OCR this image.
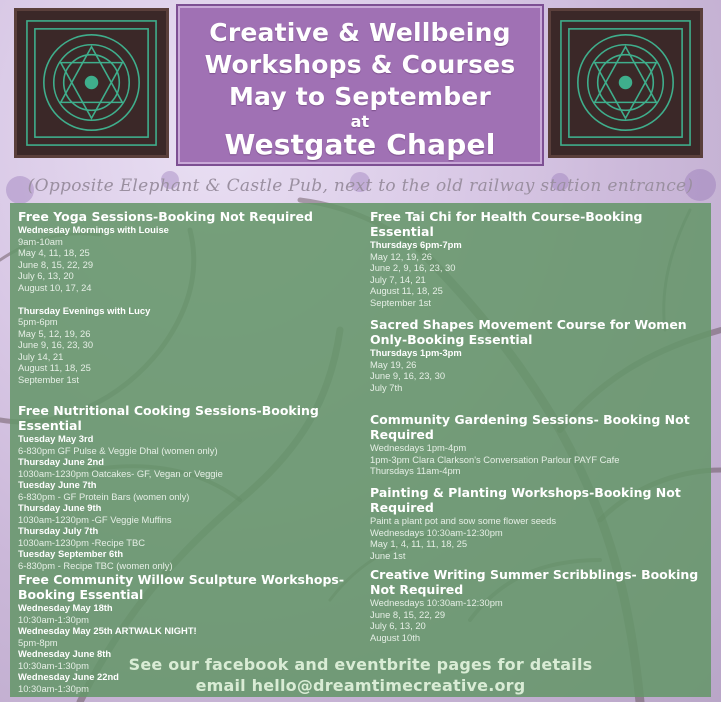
Creative & Wellbeing
Workshops & Courses
May to September
at
Westgate Chapel
(Opposite Elephant & Castle Pub, next to the old railway station entrance)
Free Yoga Sessions-Booking Not Required
Wednesday Mornings with Louise
9am-10am
May 4, 11, 18, 25
June 8, 15, 22, 29
July 6, 13, 20
August 10, 17, 24

Thursday Evenings with Lucy
5pm-6pm
May 5, 12, 19, 26
June 9, 16, 23, 30
July 14, 21
August 11, 18, 25
September 1st
Free Nutritional Cooking Sessions-Booking Essential
Tuesday May 3rd
6-830pm GF Pulse & Veggie Dhal (women only)
Thursday June 2nd
1030am-1230pm Oatcakes- GF, Vegan or Veggie
Tuesday June 7th
6-830pm - GF Protein Bars (women only)
Thursday June 9th
1030am-1230pm -GF Veggie Muffins
Thursday July 7th
1030am-1230pm -Recipe TBC
Tuesday September 6th
6-830pm - Recipe TBC (women only)
Free Community Willow Sculpture Workshops-Booking Essential
Wednesday May 18th
10:30am-1:30pm
Wednesday May 25th ARTWALK NIGHT!
5pm-8pm
Wednesday June 8th
10:30am-1:30pm
Wednesday June 22nd
10:30am-1:30pm
Free Tai Chi for Health Course-Booking Essential
Thursdays 6pm-7pm
May 12, 19, 26
June 2, 9, 16, 23, 30
July 7, 14, 21
August 11, 18, 25
September 1st
Sacred Shapes Movement Course for Women Only-Booking Essential
Thursdays 1pm-3pm
May 19, 26
June 9, 16, 23, 30
July 7th
Community Gardening Sessions- Booking Not Required
Wednesdays 1pm-4pm
1pm-3pm Clara Clarkson's Conversation Parlour PAYF Cafe
Thursdays 11am-4pm
Painting & Planting Workshops-Booking Not Required
Paint a plant pot and sow some flower seeds
Wednesdays 10:30am-12:30pm
May 1, 4, 11, 11, 18, 25
June 1st
Creative Writing Summer Scribblings- Booking Not Required
Wednesdays 10:30am-12:30pm
June 8, 15, 22, 29
July 6, 13, 20
August 10th
See our facebook and eventbrite pages for details
email hello@dreamtimecreative.org
